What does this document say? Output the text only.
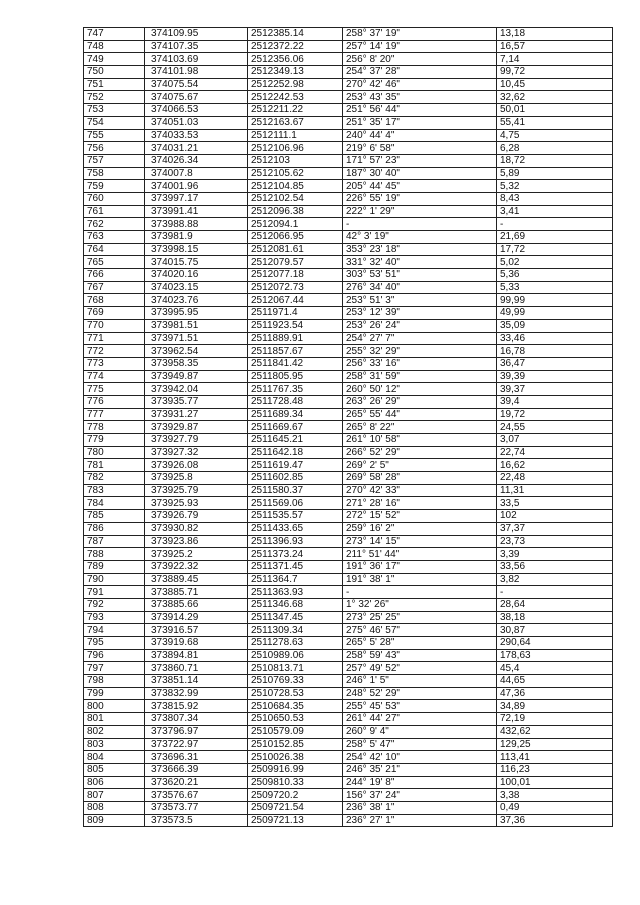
747	374109.95	2512385.14	258° 37' 19"	13,18
748	374107.35	2512372.22	257° 14' 19"	16,57
749	374103.69	2512356.06	256° 8' 20"	7,14
750	374101.98	2512349.13	254° 37' 28"	99,72
751	374075.54	2512252.98	270° 42' 46"	10,45
752	374075.67	2512242.53	253° 43' 35"	32,62
753	374066.53	2512211.22	251° 56' 44"	50,01
754	374051.03	2512163.67	251° 35' 17"	55,41
755	374033.53	2512111.1	240° 44' 4"	4,75
756	374031.21	2512106.96	219° 6' 58"	6,28
757	374026.34	2512103	171° 57' 23"	18,72
758	374007.8	2512105.62	187° 30' 40"	5,89
759	374001.96	2512104.85	205° 44' 45"	5,32
760	373997.17	2512102.54	226° 55' 19"	8,43
761	373991.41	2512096.38	222° 1' 29"	3,41
762	373988.88	2512094.1	-	-
763	373981.9	2512066.95	42° 3' 19"	21,69
764	373998.15	2512081.61	353° 23' 18"	17,72
765	374015.75	2512079.57	331° 32' 40"	5,02
766	374020.16	2512077.18	303° 53' 51"	5,36
767	374023.15	2512072.73	276° 34' 40"	5,33
768	374023.76	2512067.44	253° 51' 3"	99,99
769	373995.95	2511971.4	253° 12' 39"	49,99
770	373981.51	2511923.54	253° 26' 24"	35,09
771	373971.51	2511889.91	254° 27' 7"	33,46
772	373962.54	2511857.67	255° 32' 29"	16,78
773	373958.35	2511841.42	256° 33' 16"	36,47
774	373949.87	2511805.95	258° 31' 59"	39,39
775	373942.04	2511767.35	260° 50' 12"	39,37
776	373935.77	2511728.48	263° 26' 29"	39,4
777	373931.27	2511689.34	265° 55' 44"	19,72
778	373929.87	2511669.67	265° 8' 22"	24,55
779	373927.79	2511645.21	261° 10' 58"	3,07
780	373927.32	2511642.18	266° 52' 29"	22,74
781	373926.08	2511619.47	269° 2' 5"	16,62
782	373925.8	2511602.85	269° 58' 28"	22,48
783	373925.79	2511580.37	270° 42' 33"	11,31
784	373925.93	2511569.06	271° 28' 16"	33,5
785	373926.79	2511535.57	272° 15' 52"	102
786	373930.82	2511433.65	259° 16' 2"	37,37
787	373923.86	2511396.93	273° 14' 15"	23,73
788	373925.2	2511373.24	211° 51' 44"	3,39
789	373922.32	2511371.45	191° 36' 17"	33,56
790	373889.45	2511364.7	191° 38' 1"	3,82
791	373885.71	2511363.93	-	-
792	373885.66	2511346.68	1° 32' 26"	28,64
793	373914.29	2511347.45	273° 25' 25"	38,18
794	373916.57	2511309.34	275° 46' 57"	30,87
795	373919.68	2511278.63	265° 5' 28"	290,64
796	373894.81	2510989.06	258° 59' 43"	178,63
797	373860.71	2510813.71	257° 49' 52"	45,4
798	373851.14	2510769.33	246° 1' 5"	44,65
799	373832.99	2510728.53	248° 52' 29"	47,36
800	373815.92	2510684.35	255° 45' 53"	34,89
801	373807.34	2510650.53	261° 44' 27"	72,19
802	373796.97	2510579.09	260° 9' 4"	432,62
803	373722.97	2510152.85	258° 5' 47"	129,25
804	373696.31	2510026.38	254° 42' 10"	113,41
805	373666.39	2509916.99	246° 35' 21"	116,23
806	373620.21	2509810.33	244° 19' 8"	100,01
807	373576.67	2509720.2	156° 37' 24"	3,38
808	373573.77	2509721.54	236° 38' 1"	0,49
809	373573.5	2509721.13	236° 27' 1"	37,36
